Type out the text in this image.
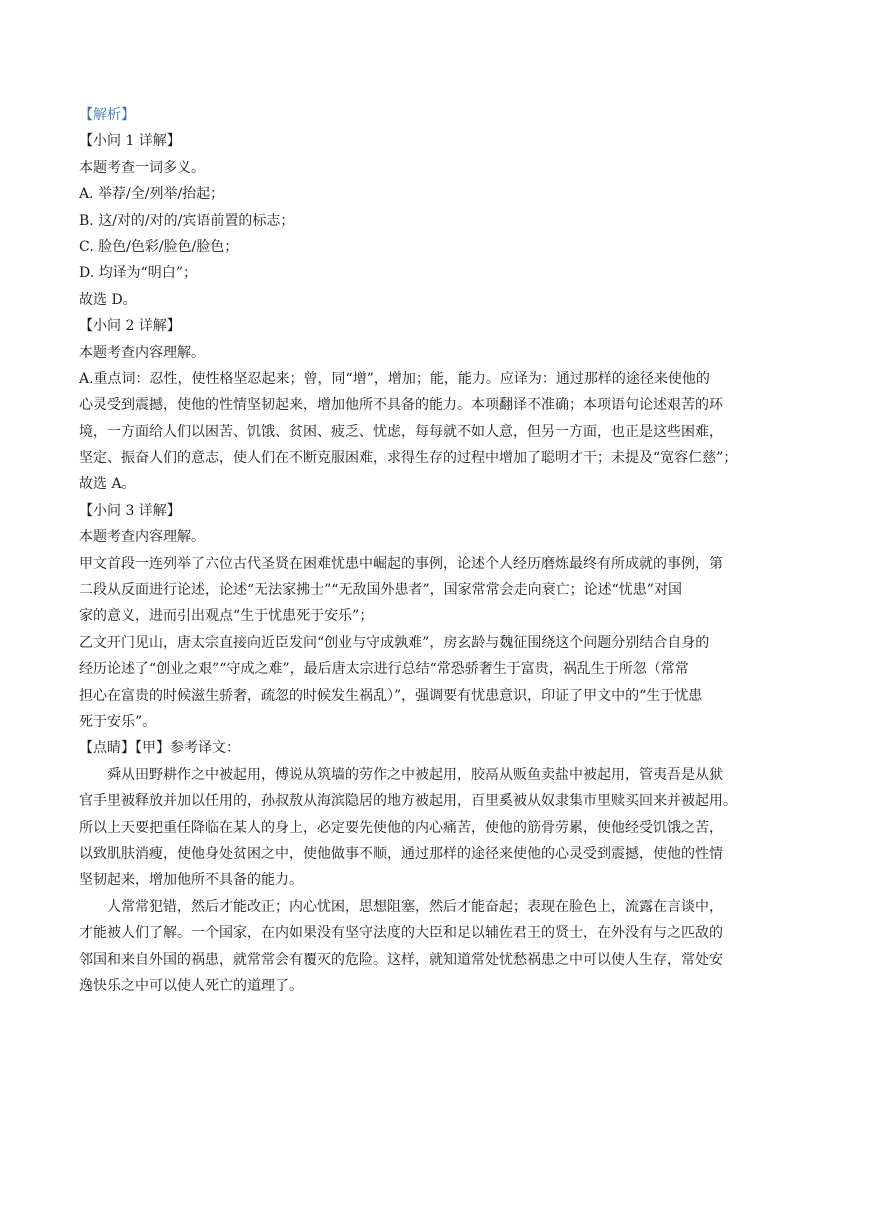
【解析】
【小问 1 详解】
本题考查一词多义。
A. 举荐/全/列举/抬起；
B. 这/对的/对的/宾语前置的标志；
C. 脸色/色彩/脸色/脸色；
D. 均译为“明白”；
故选 D。
【小问 2 详解】
本题考查内容理解。
A.重点词：忍性，使性格坚忍起来；曾，同“增”，增加；能，能力。应译为：通过那样的途径来使他的
心灵受到震撼，使他的性情坚韧起来，增加他所不具备的能力。本项翻译不准确；本项语句论述艰苦的环
境，一方面给人们以困苦、饥饿、贫困、疲乏、忧虑，每每就不如人意，但另一方面，也正是这些困难，
坚定、振奋人们的意志，使人们在不断克服困难，求得生存的过程中增加了聪明才干；未提及“宽容仁慈”；
故选 A。
【小问 3 详解】
本题考查内容理解。
甲文首段一连列举了六位古代圣贤在困难忧患中崛起的事例，论述个人经历磨炼最终有所成就的事例，第
二段从反面进行论述，论述“无法家拂士”“无敌国外患者”，国家常常会走向衰亡；论述“忧患”对国
家的意义，进而引出观点“生于忧患死于安乐”；
乙文开门见山，唐太宗直接向近臣发问“创业与守成孰难”，房玄龄与魏征围绕这个问题分别结合自身的
经历论述了“创业之艰”“守成之难”，最后唐太宗进行总结“常恐骄奢生于富贵，祸乱生于所忽（常常
担心在富贵的时候滋生骄奢，疏忽的时候发生祸乱）”，强调要有忧患意识，印证了甲文中的“生于忧患
死于安乐”。
【点睛】【甲】参考译文：
舜从田野耕作之中被起用，傅说从筑墙的劳作之中被起用，胶鬲从贩鱼卖盐中被起用，管夷吾是从狱
官手里被释放并加以任用的，孙叔敖从海滨隐居的地方被起用，百里奚被从奴隶集市里赎买回来并被起用。
所以上天要把重任降临在某人的身上，必定要先使他的内心痛苦，使他的筋骨劳累，使他经受饥饿之苦，
以致肌肤消瘦，使他身处贫困之中，使他做事不顺，通过那样的途径来使他的心灵受到震撼，使他的性情
坚韧起来，增加他所不具备的能力。
人常常犯错，然后才能改正；内心忧困，思想阻塞，然后才能奋起；表现在脸色上，流露在言谈中，
才能被人们了解。一个国家，在内如果没有坚守法度的大臣和足以辅佐君王的贤士，在外没有与之匹敌的
邻国和来自外国的祸患，就常常会有覆灭的危险。这样，就知道常处忧愁祸患之中可以使人生存，常处安
逸快乐之中可以使人死亡的道理了。
